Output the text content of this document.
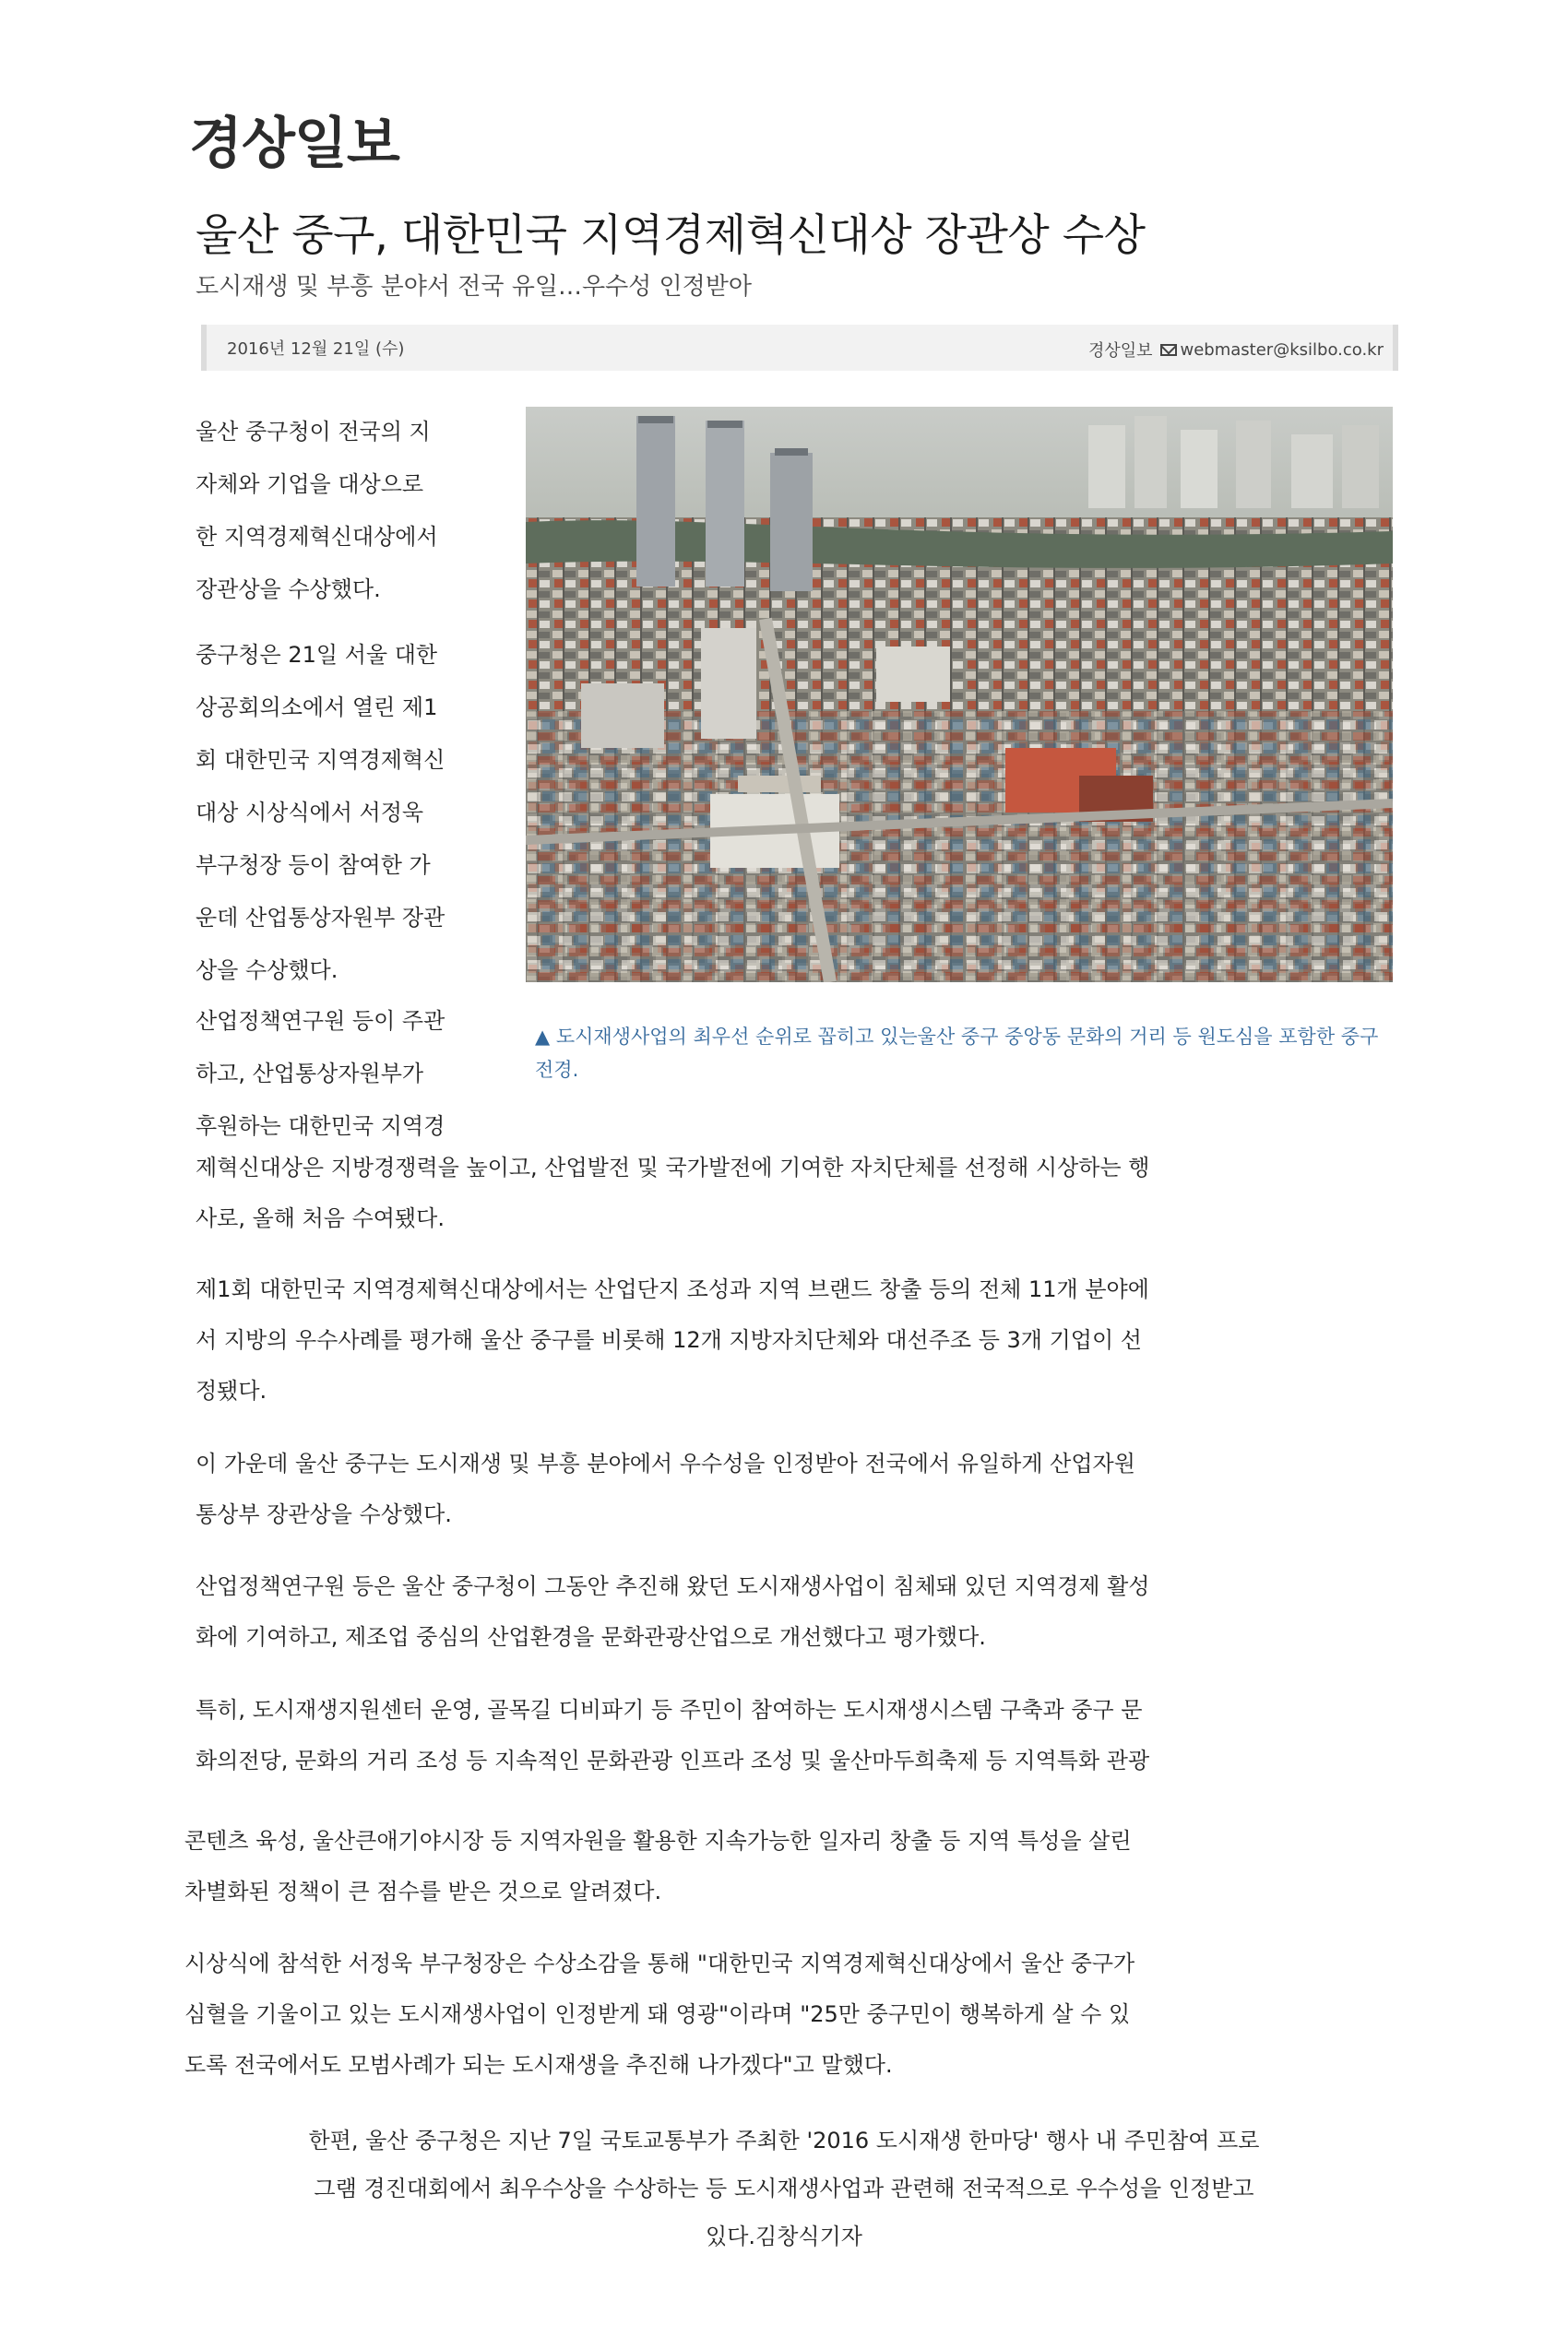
경상일보
울산 중구, 대한민국 지역경제혁신대상 장관상 수상
도시재생 및 부흥 분야서 전국 유일…우수성 인정받아
2016년 12월 21일 (수)	경상일보 webmaster@ksilbo.co.kr
▲ 도시재생사업의 최우선 순위로 꼽히고 있는울산 중구 중앙동 문화의 거리 등 원도심을 포함한 중구 전경.

울산 중구청이 전국의 지
자체와 기업을 대상으로
한 지역경제혁신대상에서
장관상을 수상했다.

중구청은 21일 서울 대한
상공회의소에서 열린 제1
회 대한민국 지역경제혁신
대상 시상식에서 서정욱
부구청장 등이 참여한 가
운데 산업통상자원부 장관
상을 수상했다.

산업정책연구원 등이 주관
하고, 산업통상자원부가
후원하는 대한민국 지역경

제혁신대상은 지방경쟁력을 높이고, 산업발전 및 국가발전에 기여한 자치단체를 선정해 시상하는 행
사로, 올해 처음 수여됐다.

제1회 대한민국 지역경제혁신대상에서는 산업단지 조성과 지역 브랜드 창출 등의 전체 11개 분야에
서 지방의 우수사례를 평가해 울산 중구를 비롯해 12개 지방자치단체와 대선주조 등 3개 기업이 선
정됐다.

이 가운데 울산 중구는 도시재생 및 부흥 분야에서 우수성을 인정받아 전국에서 유일하게 산업자원
통상부 장관상을 수상했다.

산업정책연구원 등은 울산 중구청이 그동안 추진해 왔던 도시재생사업이 침체돼 있던 지역경제 활성
화에 기여하고, 제조업 중심의 산업환경을 문화관광산업으로 개선했다고 평가했다.

특히, 도시재생지원센터 운영, 골목길 디비파기 등 주민이 참여하는 도시재생시스템 구축과 중구 문
화의전당, 문화의 거리 조성 등 지속적인 문화관광 인프라 조성 및 울산마두희축제 등 지역특화 관광

콘텐츠 육성, 울산큰애기야시장 등 지역자원을 활용한 지속가능한 일자리 창출 등 지역 특성을 살린
차별화된 정책이 큰 점수를 받은 것으로 알려졌다.

시상식에 참석한 서정욱 부구청장은 수상소감을 통해 "대한민국 지역경제혁신대상에서 울산 중구가
심혈을 기울이고 있는 도시재생사업이 인정받게 돼 영광"이라며 "25만 중구민이 행복하게 살 수 있
도록 전국에서도 모범사례가 되는 도시재생을 추진해 나가겠다"고 말했다.

한편, 울산 중구청은 지난 7일 국토교통부가 주최한 '2016 도시재생 한마당' 행사 내 주민참여 프로
그램 경진대회에서 최우수상을 수상하는 등 도시재생사업과 관련해 전국적으로 우수성을 인정받고
있다.김창식기자
